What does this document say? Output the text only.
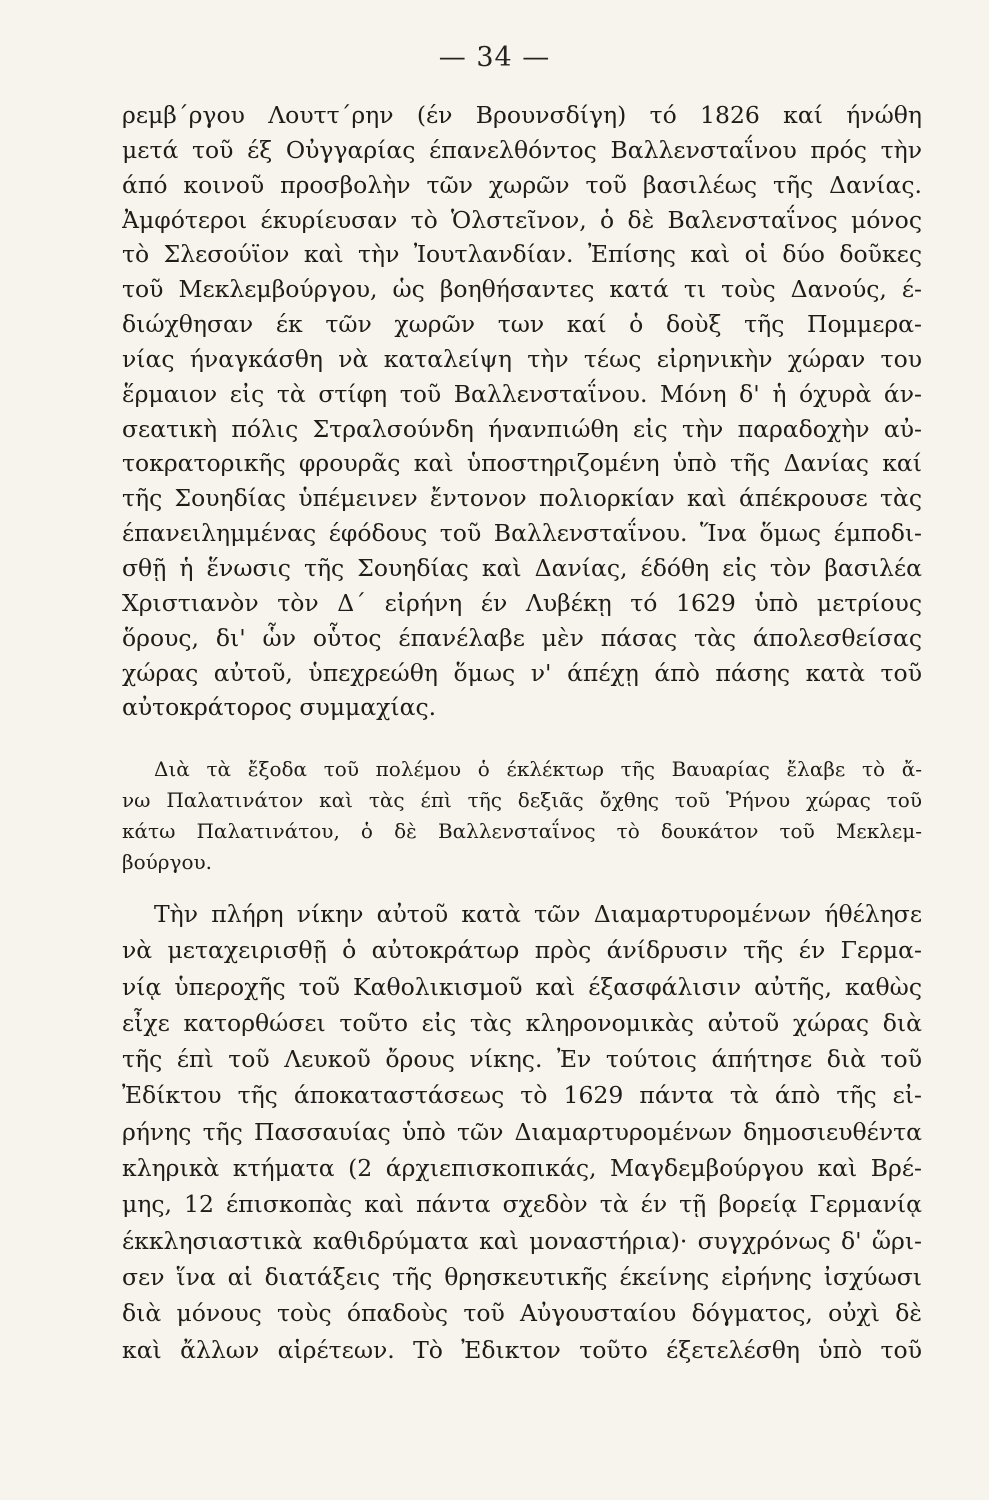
— 34 —
ρεμβ΄ργου Λουττ΄ρην (έν Βρουνσδίγη) τό 1826 καί ήνώθη
μετά τοῦ έξ Οὐγγαρίας έπανελθόντος Βαλλενσταΐνου πρός τὴν
άπό κοινοῦ προσβολὴν τῶν χωρῶν τοῦ βασιλέως τῆς Δανίας.
Ἀμφότεροι έκυρίευσαν τὸ Ὁλστεῖνον, ὁ δὲ Βαλενσταΐνος μόνος
τὸ Σλεσούϊον καὶ τὴν Ἰουτλανδίαν. Ἐπίσης καὶ οἱ δύο δοῦκες
τοῦ Μεκλεμβούργου, ὡς βοηθήσαντες κατά τι τοὺς Δανούς, έ-
διώχθησαν έκ τῶν χωρῶν των καί ὁ δοὺξ τῆς Πομμερα-
νίας ήναγκάσθη νὰ καταλείψη τὴν τέως εἰρηνικὴν χώραν του
ἕρμαιον εἰς τὰ στίφη τοῦ Βαλλενσταΐνου. Μόνη δ' ἡ όχυρὰ άν-
σεατικὴ πόλις Στραλσούνδη ήνανπιώθη εἰς τὴν παραδοχὴν αὐ-
τοκρατορικῆς φρουρᾶς καὶ ὑποστηριζομένη ὑπὸ τῆς Δανίας καί
τῆς Σουηδίας ὑπέμεινεν ἔντονον πολιορκίαν καὶ άπέκρουσε τὰς
έπανειλημμένας έφόδους τοῦ Βαλλενσταΐνου. Ἵνα ὅμως έμποδι-
σθῇ ἡ ἕνωσις τῆς Σουηδίας καὶ Δανίας, έδόθη εἰς τὸν βασιλέα
Χριστιανὸν τὸν Δ΄ εἰρήνη έν Λυβέκῃ τό 1629 ὑπὸ μετρίους
ὅρους, δι' ὧν οὗτος έπανέλαβε μὲν πάσας τὰς άπολεσθείσας
χώρας αὐτοῦ, ὑπεχρεώθη ὅμως ν' άπέχῃ άπὸ πάσης κατὰ τοῦ
αὐτοκράτορος συμμαχίας.
Διὰ τὰ ἔξοδα τοῦ πολέμου ὁ έκλέκτωρ τῆς Βαυαρίας ἔλαβε τὸ ἄ-
νω Παλατινάτον καὶ τὰς έπὶ τῆς δεξιᾶς ὄχθης τοῦ Ῥήνου χώρας τοῦ
κάτω Παλατινάτου, ὁ δὲ Βαλλενσταΐνος τὸ δουκάτον τοῦ Μεκλεμ-
βούργου.
Τὴν πλήρη νίκην αὐτοῦ κατὰ τῶν Διαμαρτυρομένων ήθέλησε
νὰ μεταχειρισθῇ ὁ αὐτοκράτωρ πρὸς άνίδρυσιν τῆς έν Γερμα-
νίᾳ ὑπεροχῆς τοῦ Καθολικισμοῦ καὶ έξασφάλισιν αὐτῆς, καθὼς
εἶχε κατορθώσει τοῦτο εἰς τὰς κληρονομικὰς αὐτοῦ χώρας διὰ
τῆς έπὶ τοῦ Λευκοῦ ὄρους νίκης. Ἐν τούτοις άπήτησε διὰ τοῦ
Ἐδίκτου τῆς άποκαταστάσεως τὸ 1629 πάντα τὰ άπὸ τῆς εἰ-
ρήνης τῆς Πασσαυίας ὑπὸ τῶν Διαμαρτυρομένων δημοσιευθέντα
κληρικὰ κτήματα (2 άρχιεπισκοπικάς, Μαγδεμβούργου καὶ Βρέ-
μης, 12 έπισκοπὰς καὶ πάντα σχεδὸν τὰ έν τῇ βορείᾳ Γερμανίᾳ
έκκλησιαστικὰ καθιδρύματα καὶ μοναστήρια)· συγχρόνως δ' ὥρι-
σεν ἵνα αἱ διατάξεις τῆς θρησκευτικῆς έκείνης εἰρήνης ἰσχύωσι
διὰ μόνους τοὺς όπαδοὺς τοῦ Αὐγουσταίου δόγματος, οὐχὶ δὲ
καὶ ἄλλων αἱρέτεων. Τὸ Ἐδικτον τοῦτο έξετελέσθη ὑπὸ τοῦ
